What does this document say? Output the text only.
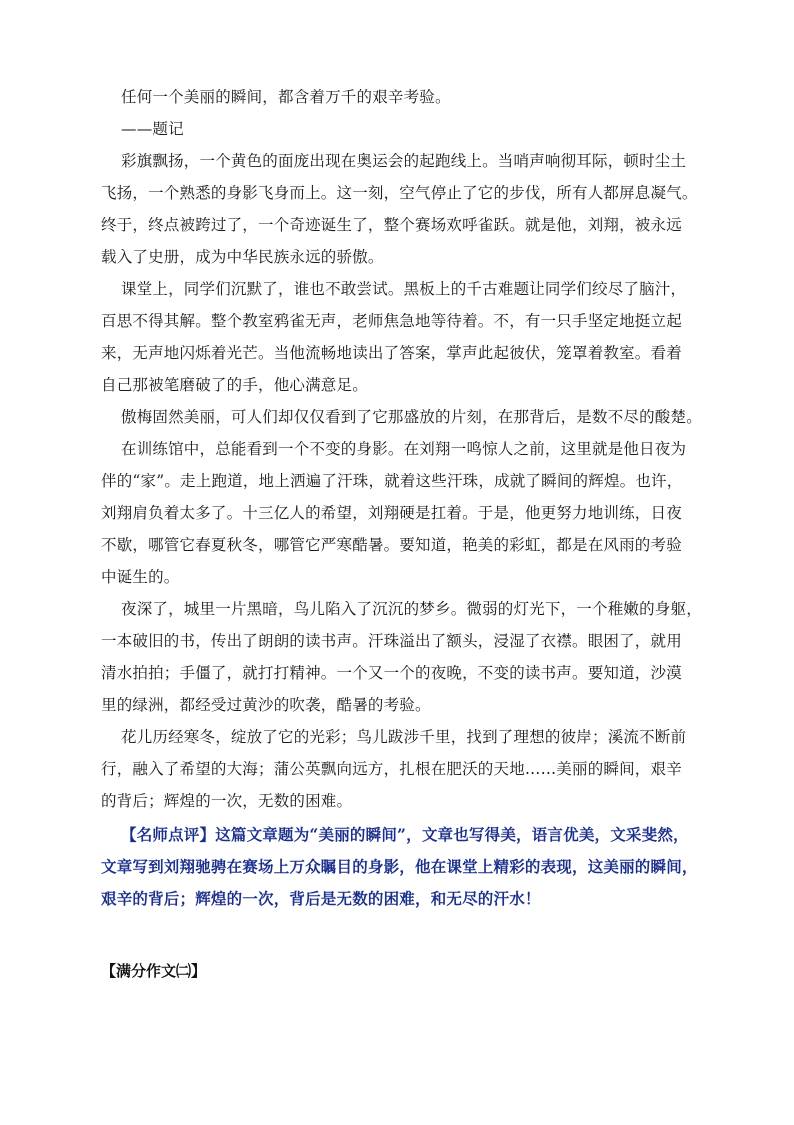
任何一个美丽的瞬间，都含着万千的艰辛考验。
——题记
彩旗飘扬，一个黄色的面庞出现在奥运会的起跑线上。当哨声响彻耳际，顿时尘土
飞扬，一个熟悉的身影飞身而上。这一刻，空气停止了它的步伐，所有人都屏息凝气。
终于，终点被跨过了，一个奇迹诞生了，整个赛场欢呼雀跃。就是他，刘翔，被永远
载入了史册，成为中华民族永远的骄傲。
课堂上，同学们沉默了，谁也不敢尝试。黑板上的千古难题让同学们绞尽了脑汁，
百思不得其解。整个教室鸦雀无声，老师焦急地等待着。不，有一只手坚定地挺立起
来，无声地闪烁着光芒。当他流畅地读出了答案，掌声此起彼伏，笼罩着教室。看着
自己那被笔磨破了的手，他心满意足。
傲梅固然美丽，可人们却仅仅看到了它那盛放的片刻，在那背后，是数不尽的酸楚。
在训练馆中，总能看到一个不变的身影。在刘翔一鸣惊人之前，这里就是他日夜为
伴的“家”。走上跑道，地上洒遍了汗珠，就着这些汗珠，成就了瞬间的辉煌。也许，
刘翔肩负着太多了。十三亿人的希望，刘翔硬是扛着。于是，他更努力地训练，日夜
不歇，哪管它春夏秋冬，哪管它严寒酷暑。要知道，艳美的彩虹，都是在风雨的考验
中诞生的。
夜深了，城里一片黑暗，鸟儿陷入了沉沉的梦乡。微弱的灯光下，一个稚嫩的身躯，
一本破旧的书，传出了朗朗的读书声。汗珠溢出了额头，浸湿了衣襟。眼困了，就用
清水拍拍；手僵了，就打打精神。一个又一个的夜晚，不变的读书声。要知道，沙漠
里的绿洲，都经受过黄沙的吹袭，酷暑的考验。
花儿历经寒冬，绽放了它的光彩；鸟儿跋涉千里，找到了理想的彼岸；溪流不断前
行，融入了希望的大海；蒲公英飘向远方，扎根在肥沃的天地……美丽的瞬间，艰辛
的背后；辉煌的一次，无数的困难。
【名师点评】这篇文章题为“美丽的瞬间”，文章也写得美，语言优美，文采斐然，
文章写到刘翔驰骋在赛场上万众瞩目的身影，他在课堂上精彩的表现，这美丽的瞬间，
艰辛的背后；辉煌的一次，背后是无数的困难，和无尽的汗水！
【满分作文㈡】
